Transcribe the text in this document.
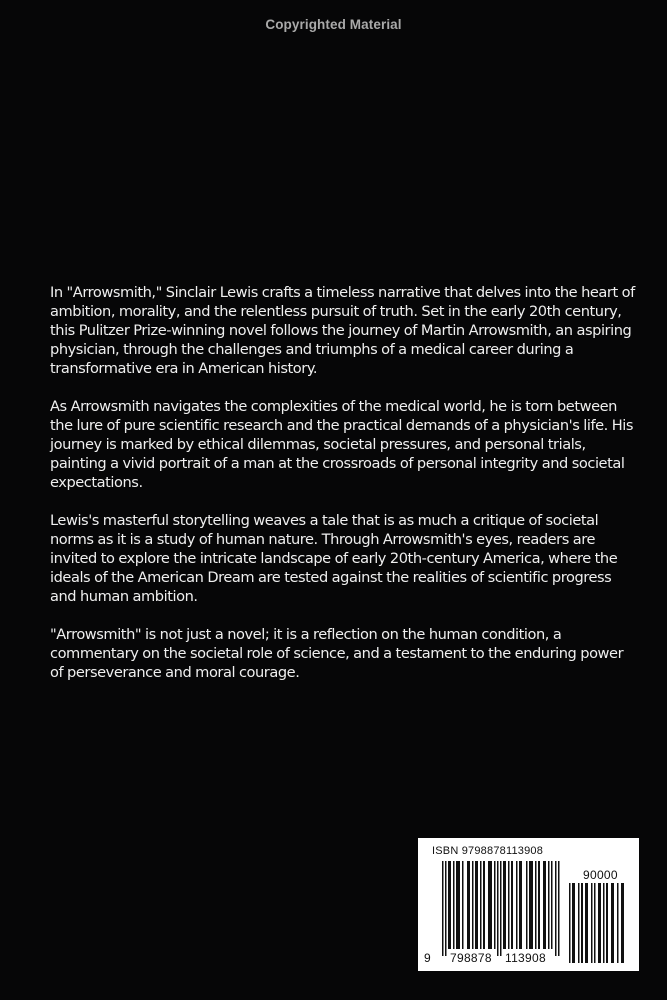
Copyrighted Material

In "Arrowsmith," Sinclair Lewis crafts a timeless narrative that delves into the heart of ambition, morality, and the relentless pursuit of truth. Set in the early 20th century, this Pulitzer Prize-winning novel follows the journey of Martin Arrowsmith, an aspiring physician, through the challenges and triumphs of a medical career during a transformative era in American history.

As Arrowsmith navigates the complexities of the medical world, he is torn between the lure of pure scientific research and the practical demands of a physician's life. His journey is marked by ethical dilemmas, societal pressures, and personal trials, painting a vivid portrait of a man at the crossroads of personal integrity and societal expectations.

Lewis's masterful storytelling weaves a tale that is as much a critique of societal norms as it is a study of human nature. Through Arrowsmith's eyes, readers are invited to explore the intricate landscape of early 20th-century America, where the ideals of the American Dream are tested against the realities of scientific progress and human ambition.

"Arrowsmith" is not just a novel; it is a reflection on the human condition, a commentary on the societal role of science, and a testament to the enduring power of perseverance and moral courage.

ISBN 9798878113908
9 798878 113908
90000
